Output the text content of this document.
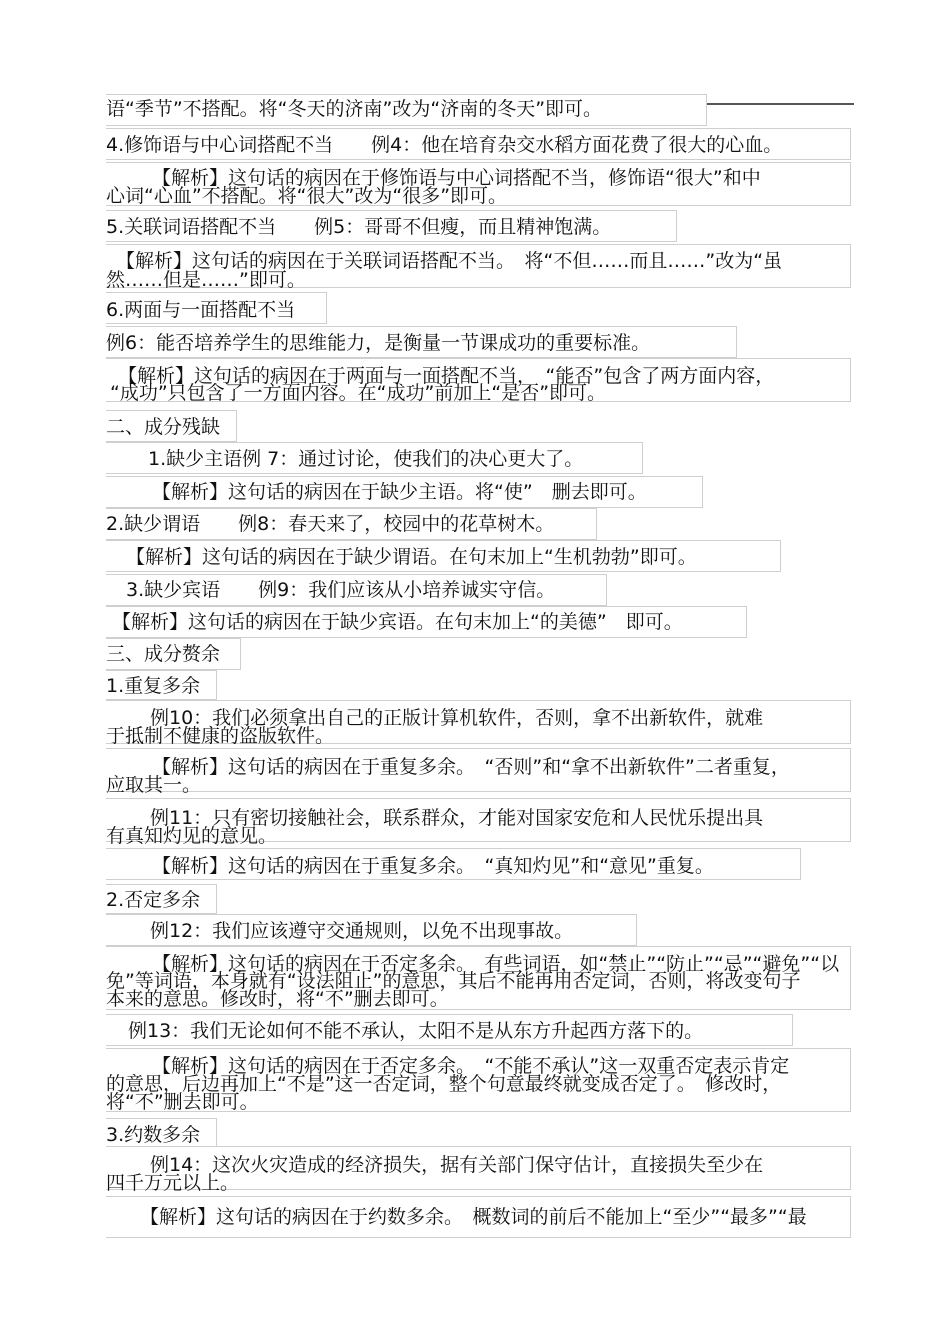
语“季节”不搭配。将“冬天的济南”改为“济南的冬天”即可。
4.修饰语与中心词搭配不当　　例4：他在培育杂交水稻方面花费了很大的心血。
【解析】这句话的病因在于修饰语与中心词搭配不当，修饰语“很大”和中
心词“心血”不搭配。将“很大”改为“很多”即可。
5.关联词语搭配不当　　例5：哥哥不但瘦，而且精神饱满。
【解析】这句话的病因在于关联词语搭配不当。　将“不但……而且……”改为“虽
然……但是……”即可。
6.两面与一面搭配不当
例6：能否培养学生的思维能力，是衡量一节课成功的重要标准。
【解析】这句话的病因在于两面与一面搭配不当，　“能否”包含了两方面内容，
“成功”只包含了一方面内容。在“成功”前加上“是否”即可。
二、成分残缺
1.缺少主语例 7：通过讨论，使我们的决心更大了。
【解析】这句话的病因在于缺少主语。将“使”　删去即可。
2.缺少谓语　　例8：春天来了，校园中的花草树木。
【解析】这句话的病因在于缺少谓语。在句末加上“生机勃勃”即可。
3.缺少宾语　　例9：我们应该从小培养诚实守信。
【解析】这句话的病因在于缺少宾语。在句末加上“的美德”　即可。
三、成分赘余
1.重复多余
例10：我们必须拿出自己的正版计算机软件，否则，拿不出新软件，就难
于抵制不健康的盗版软件。
【解析】这句话的病因在于重复多余。　“否则”和“拿不出新软件”二者重复，
应取其一。
例11：只有密切接触社会，联系群众，才能对国家安危和人民忧乐提出具
有真知灼见的意见。
【解析】这句话的病因在于重复多余。　“真知灼见”和“意见”重复。
2.否定多余
例12：我们应该遵守交通规则，以免不出现事故。
【解析】这句话的病因在于否定多余。　有些词语，如“禁止”“防止”“忌”“避免”“以
免”等词语，本身就有“设法阻止”的意思，其后不能再用否定词，否则，将改变句子
本来的意思。修改时，将“不”删去即可。
例13：我们无论如何不能不承认，太阳不是从东方升起西方落下的。
【解析】这句话的病因在于否定多余。　“不能不承认”这一双重否定表示肯定
的意思，后边再加上“不是”这一否定词，整个句意最终就变成否定了。　修改时，
将“不”删去即可。
3.约数多余
例14：这次火灾造成的经济损失，据有关部门保守估计，直接损失至少在
四千万元以上。
【解析】这句话的病因在于约数多余。　概数词的前后不能加上“至少”“最多”“最
